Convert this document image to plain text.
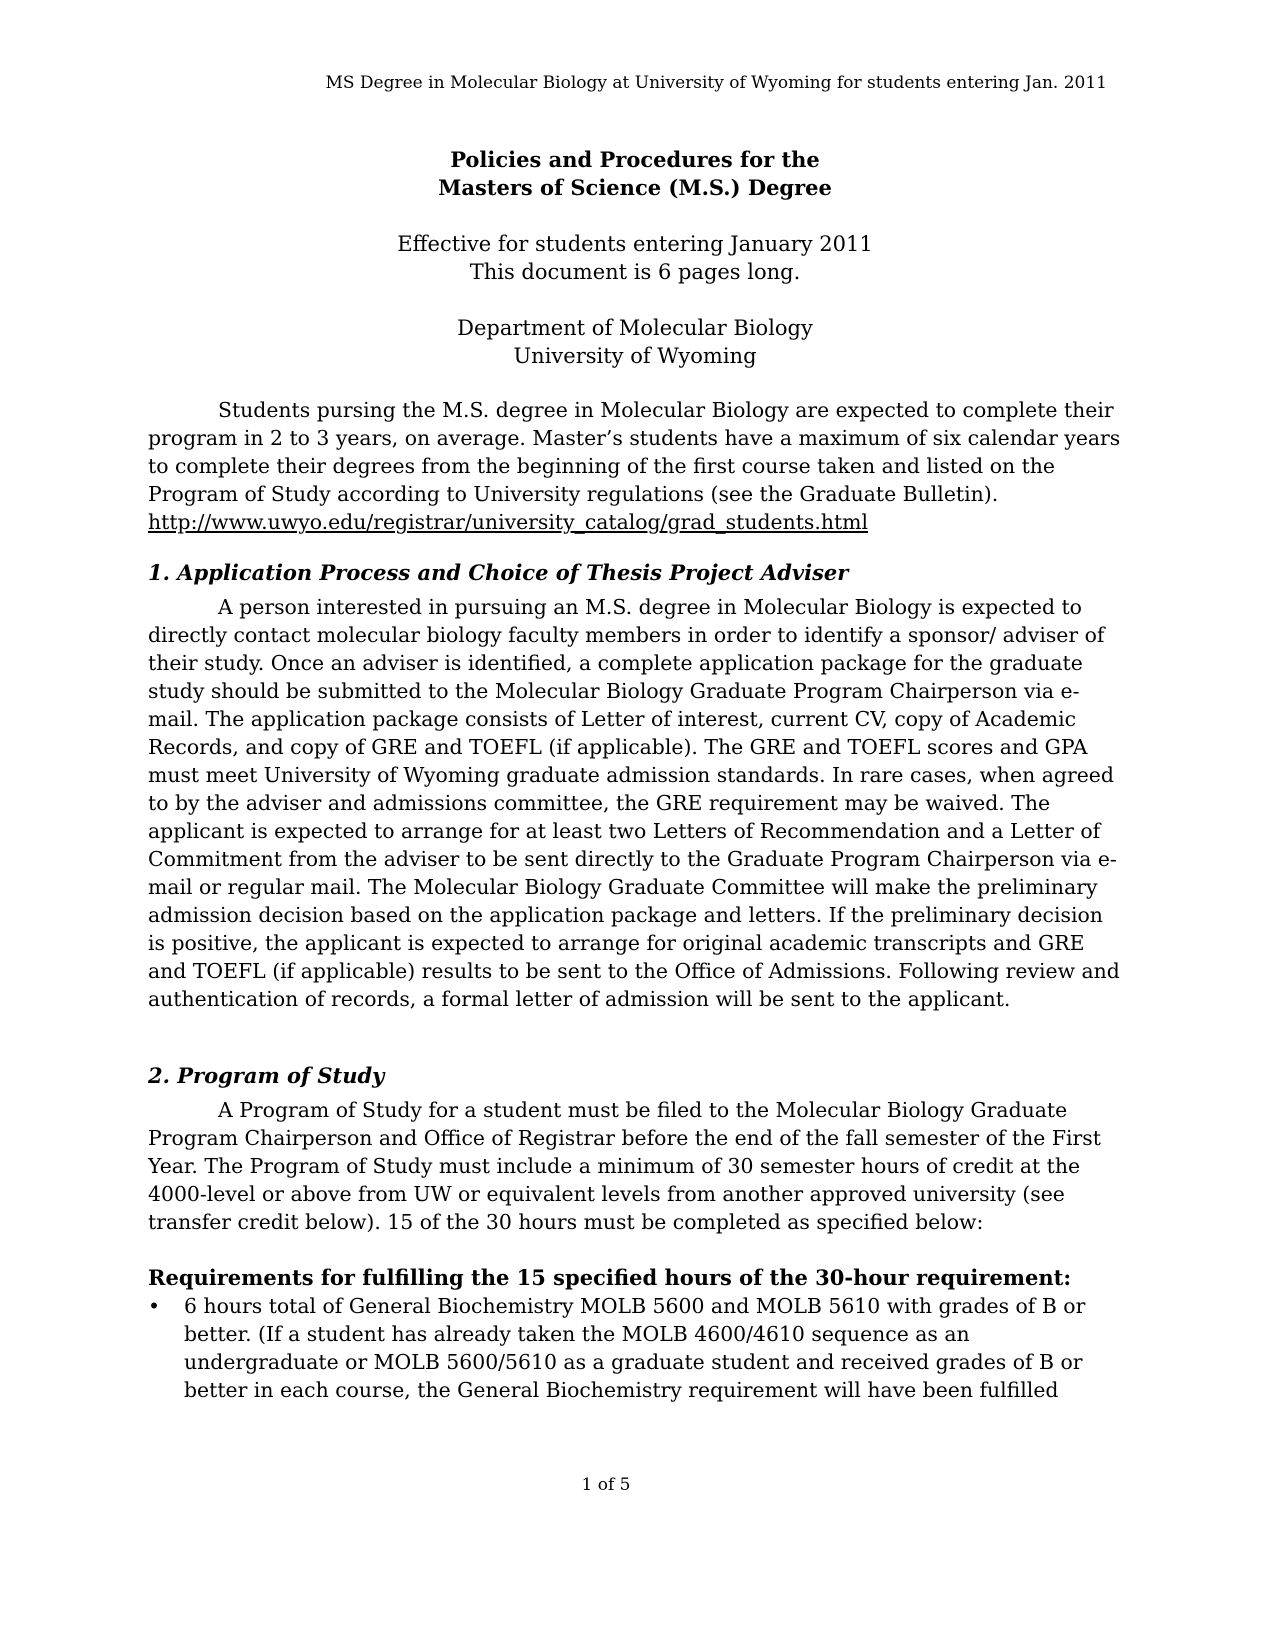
MS Degree in Molecular Biology at University of Wyoming for students entering Jan. 2011
Policies and Procedures for the
Masters of Science (M.S.) Degree
Effective for students entering January 2011
This document is 6 pages long.
Department of Molecular Biology
University of Wyoming

Students pursing the M.S. degree in Molecular Biology are expected to complete their program in 2 to 3 years, on average. Master’s students have a maximum of six calendar years to complete their degrees from the beginning of the first course taken and listed on the Program of Study according to University regulations (see the Graduate Bulletin). http://www.uwyo.edu/registrar/university_catalog/grad_students.html

1. Application Process and Choice of Thesis Project Adviser

A person interested in pursuing an M.S. degree in Molecular Biology is expected to directly contact molecular biology faculty members in order to identify a sponsor/ adviser of their study. Once an adviser is identified, a complete application package for the graduate study should be submitted to the Molecular Biology Graduate Program Chairperson via e-mail. The application package consists of Letter of interest, current CV, copy of Academic Records, and copy of GRE and TOEFL (if applicable). The GRE and TOEFL scores and GPA must meet University of Wyoming graduate admission standards. In rare cases, when agreed to by the adviser and admissions committee, the GRE requirement may be waived. The applicant is expected to arrange for at least two Letters of Recommendation and a Letter of Commitment from the adviser to be sent directly to the Graduate Program Chairperson via e-mail or regular mail. The Molecular Biology Graduate Committee will make the preliminary admission decision based on the application package and letters. If the preliminary decision is positive, the applicant is expected to arrange for original academic transcripts and GRE and TOEFL (if applicable) results to be sent to the Office of Admissions. Following review and authentication of records, a formal letter of admission will be sent to the applicant.

2. Program of Study

A Program of Study for a student must be filed to the Molecular Biology Graduate Program Chairperson and Office of Registrar before the end of the fall semester of the First Year. The Program of Study must include a minimum of 30 semester hours of credit at the 4000-level or above from UW or equivalent levels from another approved university (see transfer credit below). 15 of the 30 hours must be completed as specified below:

Requirements for fulfilling the 15 specified hours of the 30-hour requirement:
•	6 hours total of General Biochemistry MOLB 5600 and MOLB 5610 with grades of B or better. (If a student has already taken the MOLB 4600/4610 sequence as an undergraduate or MOLB 5600/5610 as a graduate student and received grades of B or better in each course, the General Biochemistry requirement will have been fulfilled
1 of 5
